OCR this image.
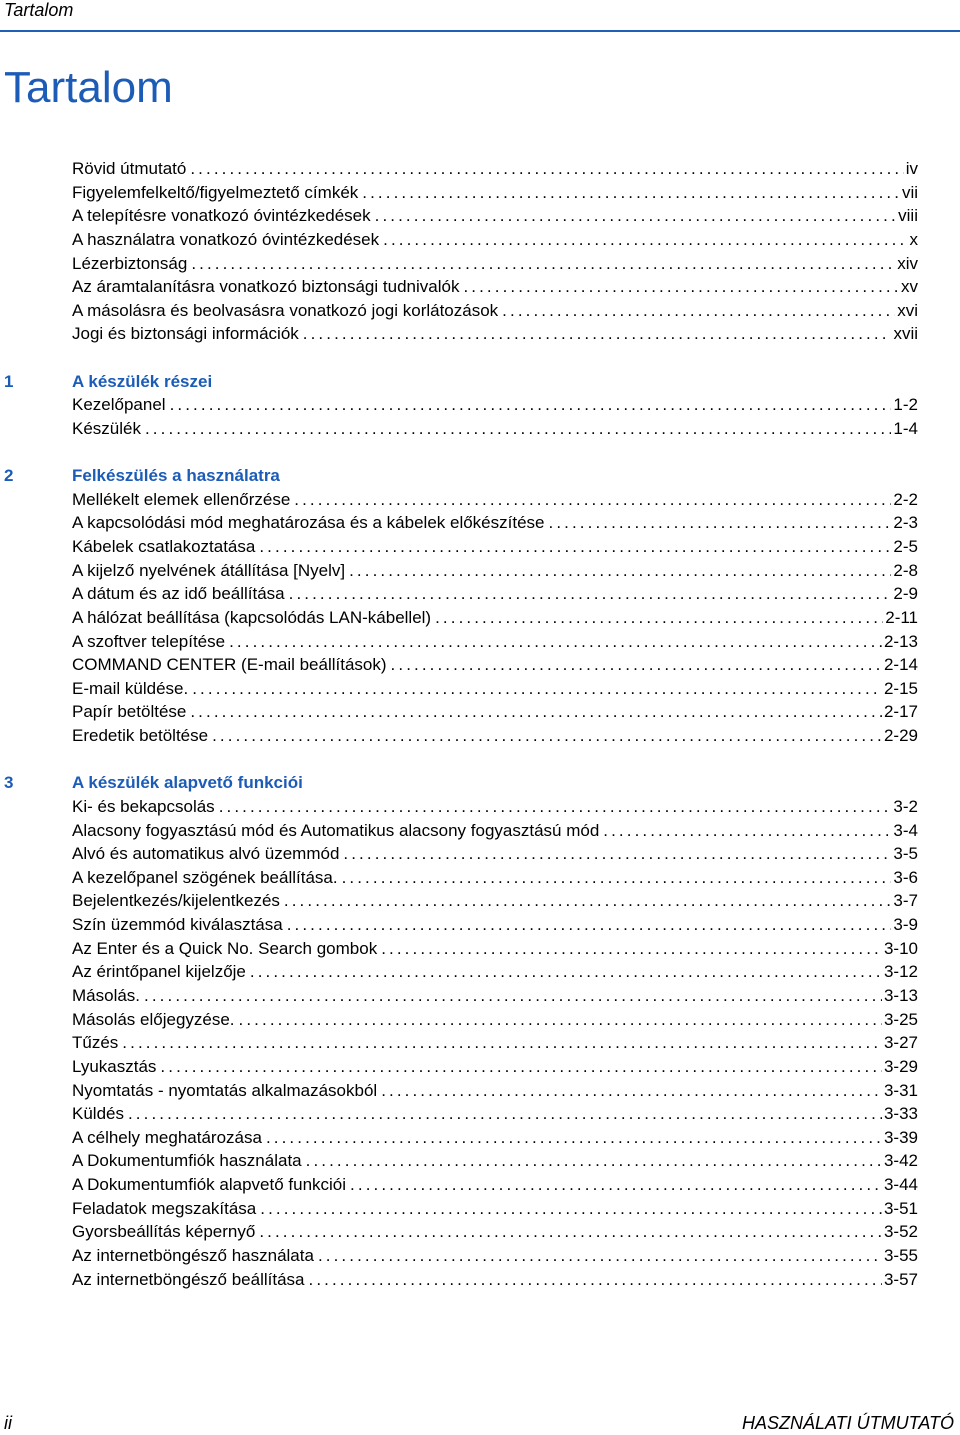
Tartalom
Tartalom
Rövid útmutató .....	iv
Figyelemfelkeltő/figyelmeztető címkék .....	vii
A telepítésre vonatkozó óvintézkedések .....	viii
A használatra vonatkozó óvintézkedések .....	x
Lézerbiztonság .....	xiv
Az áramtalanításra vonatkozó biztonsági tudnivalók .....	xv
A másolásra és beolvasásra vonatkozó jogi korlátozások .....	xvi
Jogi és biztonsági információk .....	xvii
1	A készülék részei
Kezelőpanel .....	1-2
Készülék .....	1-4
2	Felkészülés a használatra
Mellékelt elemek ellenőrzése .....	2-2
A kapcsolódási mód meghatározása és a kábelek előkészítése .....	2-3
Kábelek csatlakoztatása .....	2-5
A kijelző nyelvének átállítása [Nyelv] .....	2-8
A dátum és az idő beállítása .....	2-9
A hálózat beállítása (kapcsolódás LAN-kábellel) .....	2-11
A szoftver telepítése .....	2-13
COMMAND CENTER (E-mail beállítások) .....	2-14
E-mail küldése. .....	2-15
Papír betöltése .....	2-17
Eredetik betöltése .....	2-29
3	A készülék alapvető funkciói
Ki- és bekapcsolás .....	3-2
Alacsony fogyasztású mód és Automatikus alacsony fogyasztású mód .....	3-4
Alvó és automatikus alvó üzemmód .....	3-5
A kezelőpanel szögének beállítása. .....	3-6
Bejelentkezés/kijelentkezés .....	3-7
Szín üzemmód kiválasztása .....	3-9
Az Enter és a Quick No. Search gombok .....	3-10
Az érintőpanel kijelzője .....	3-12
Másolás. .....	3-13
Másolás előjegyzése. .....	3-25
Tűzés .....	3-27
Lyukasztás .....	3-29
Nyomtatás - nyomtatás alkalmazásokból .....	3-31
Küldés .....	3-33
A célhely meghatározása .....	3-39
A Dokumentumfiók használata .....	3-42
A Dokumentumfiók alapvető funkciói .....	3-44
Feladatok megszakítása .....	3-51
Gyorsbeállítás képernyő .....	3-52
Az internetböngésző használata .....	3-55
Az internetböngésző beállítása .....	3-57
ii	HASZNÁLATI ÚTMUTATÓ
